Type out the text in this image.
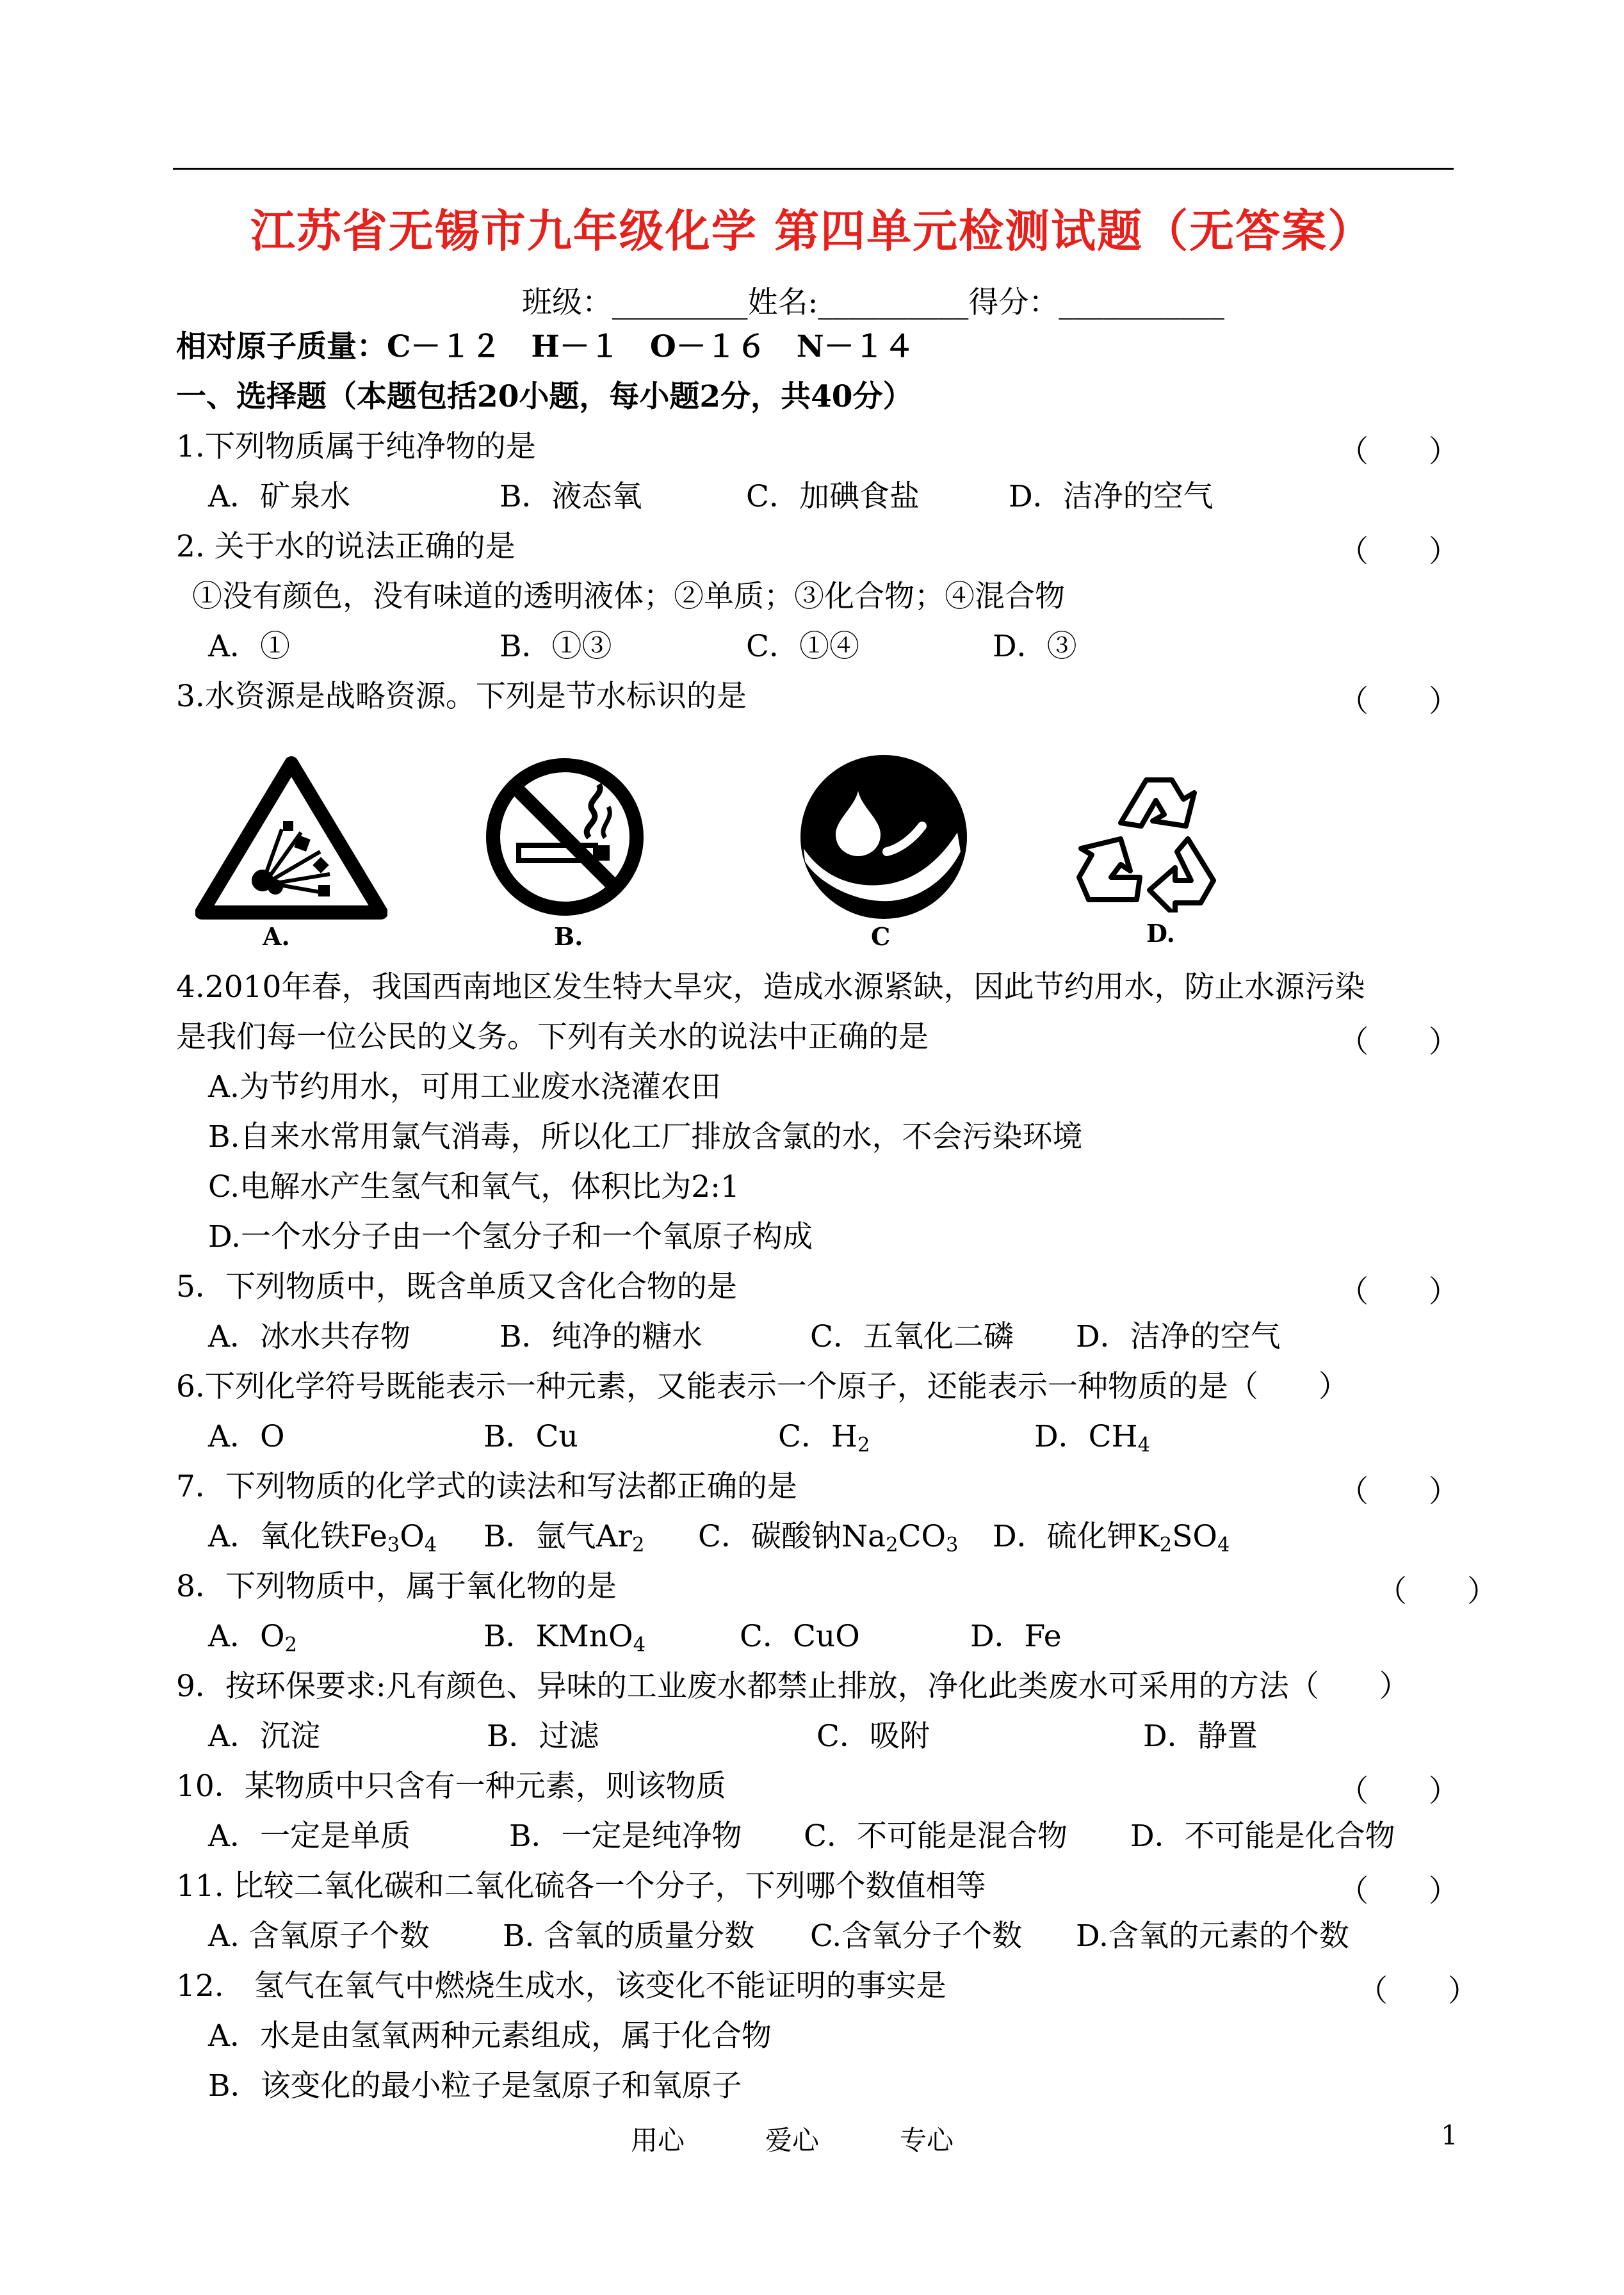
江苏省无锡市九年级化学 第四单元检测试题（无答案）
班级：_________姓名:__________得分：___________
相对原子质量：C－１２　H－１　O－１６　N－１４
一、选择题（本题包括20小题，每小题2分，共40分）
1.下列物质属于纯净物的是	（　　）
A．矿泉水	B．液态氧	C．加碘食盐	D．洁净的空气
2. 关于水的说法正确的是	（　　）
①没有颜色，没有味道的透明液体；②单质；③化合物；④混合物
A．①	B．①③	C．①④	D．③
3.水资源是战略资源。下列是节水标识的是	（　　）
A.	B.	C	D.
4.2010年春，我国西南地区发生特大旱灾，造成水源紧缺，因此节约用水，防止水源污染
是我们每一位公民的义务。下列有关水的说法中正确的是	（　　）
A.为节约用水，可用工业废水浇灌农田
B.自来水常用氯气消毒，所以化工厂排放含氯的水，不会污染环境
C.电解水产生氢气和氧气，体积比为2:1
D.一个水分子由一个氢分子和一个氧原子构成
5．下列物质中，既含单质又含化合物的是	（　　）
A．冰水共存物	B．纯净的糖水	C．五氧化二磷 D．洁净的空气
6.下列化学符号既能表示一种元素，又能表示一个原子，还能表示一种物质的是（　　）
A．O	B．Cu	C．$H_2$	D．$CH_4$
7．下列物质的化学式的读法和写法都正确的是	（　　）
A．氧化铁$Fe_3O_4$ B．氩气$Ar_2$ C．碳酸钠$Na_2CO_3$ D．硫化钾$K_2SO_4$
8．下列物质中，属于氧化物的是	（　　）
A．$O_2$	B．KMnO$_4$	C．CuO	D．Fe
9．按环保要求:凡有颜色、异味的工业废水都禁止排放，净化此类废水可采用的方法（　　）
A．沉淀	B．过滤	C．吸附	D．静置
10．某物质中只含有一种元素，则该物质	（　　）
A．一定是单质	B．一定是纯净物 C．不可能是混合物 D．不可能是化合物
11. 比较二氧化碳和二氧化硫各一个分子，下列哪个数值相等	（　　）
A. 含氧原子个数 B. 含氧的质量分数 C.含氧分子个数 D.含氧的元素的个数
12.　氢气在氧气中燃烧生成水，该变化不能证明的事实是	（　　）
A．水是由氢氧两种元素组成，属于化合物
B．该变化的最小粒子是氢原子和氧原子
用心　　　爱心　　　专心	1
